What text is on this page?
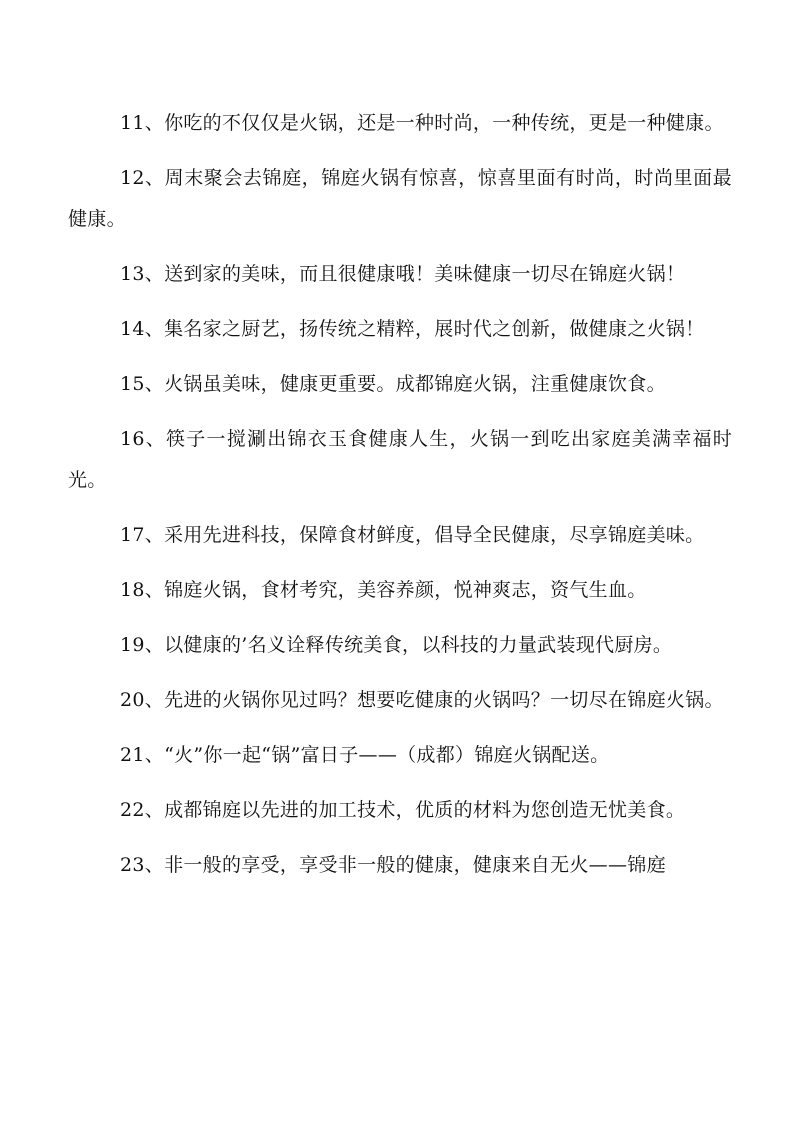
11、你吃的不仅仅是火锅，还是一种时尚，一种传统，更是一种健康。

12、周末聚会去锦庭，锦庭火锅有惊喜，惊喜里面有时尚，时尚里面最健康。

13、送到家的美味，而且很健康哦！美味健康一切尽在锦庭火锅！

14、集名家之厨艺，扬传统之精粹，展时代之创新，做健康之火锅！

15、火锅虽美味，健康更重要。成都锦庭火锅，注重健康饮食。

16、筷子一搅涮出锦衣玉食健康人生，火锅一到吃出家庭美满幸福时光。

17、采用先进科技，保障食材鲜度，倡导全民健康，尽享锦庭美味。

18、锦庭火锅，食材考究，美容养颜，悦神爽志，资气生血。

19、以健康的’名义诠释传统美食，以科技的力量武装现代厨房。

20、先进的火锅你见过吗？想要吃健康的火锅吗？一切尽在锦庭火锅。

21、“火”你一起“锅”富日子——（成都）锦庭火锅配送。

22、成都锦庭以先进的加工技术，优质的材料为您创造无忧美食。

23、非一般的享受，享受非一般的健康，健康来自无火——锦庭
